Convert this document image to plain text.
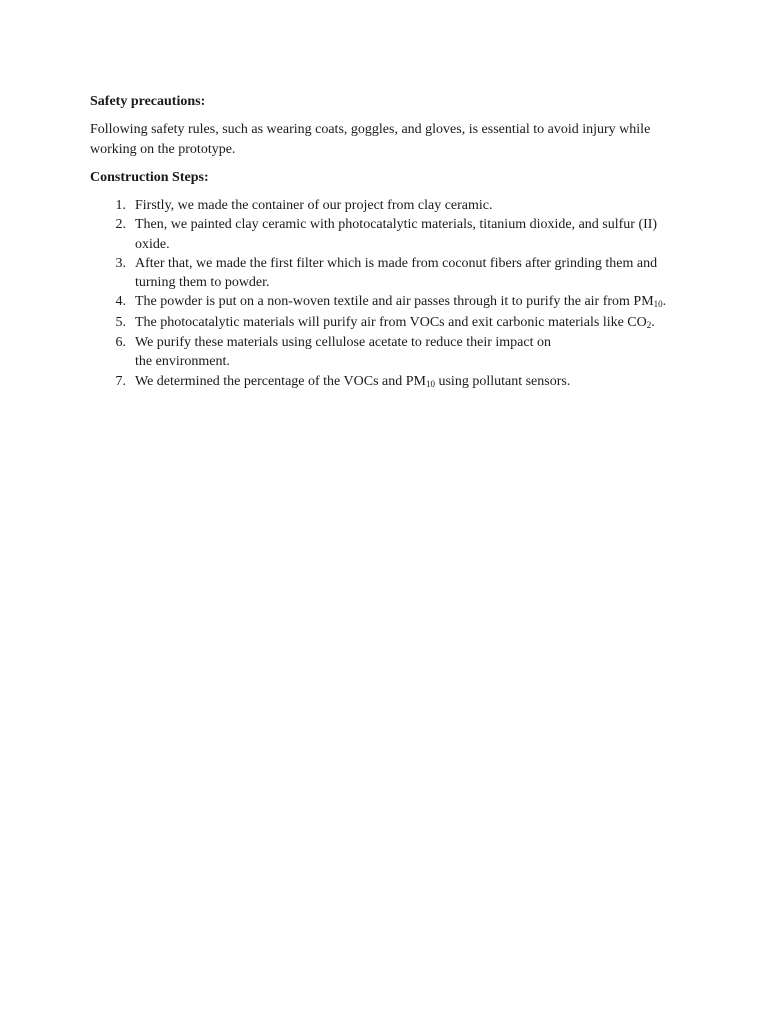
Safety precautions:

Following safety rules, such as wearing coats, goggles, and gloves, is essential to avoid injury while working on the prototype.

Construction Steps:

1. Firstly, we made the container of our project from clay ceramic.
2. Then, we painted clay ceramic with photocatalytic materials, titanium dioxide, and sulfur (II) oxide.
3. After that, we made the first filter which is made from coconut fibers after grinding them and turning them to powder.
4. The powder is put on a non-woven textile and air passes through it to purify the air from $PM_{10}$.
5. The photocatalytic materials will purify air from VOCs and exit carbonic materials like $CO_2$.
6. We purify these materials using cellulose acetate to reduce their impact on
the environment.
7. We determined the percentage of the VOCs and $PM_{10}$ using pollutant sensors.
